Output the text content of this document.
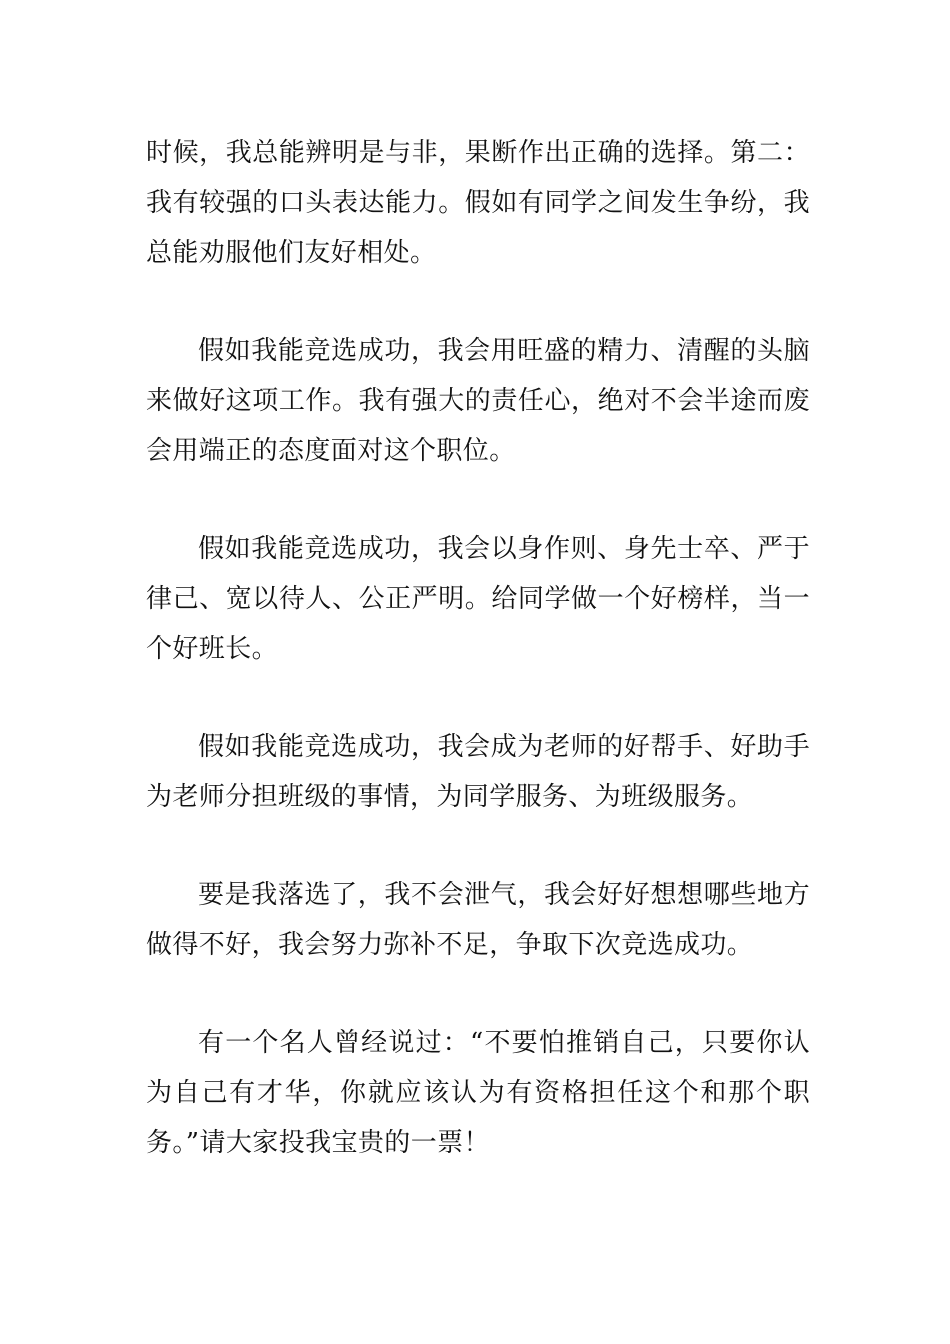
时候，我总能辨明是与非，果断作出正确的选择。第二：我有较强的口头表达能力。假如有同学之间发生争纷，我总能劝服他们友好相处。

假如我能竞选成功，我会用旺盛的精力、清醒的头脑来做好这项工作。我有强大的责任心，绝对不会半途而废会用端正的态度面对这个职位。

假如我能竞选成功，我会以身作则、身先士卒、严于律己、宽以待人、公正严明。给同学做一个好榜样，当一个好班长。

假如我能竞选成功，我会成为老师的好帮手、好助手为老师分担班级的事情，为同学服务、为班级服务。

要是我落选了，我不会泄气，我会好好想想哪些地方做得不好，我会努力弥补不足，争取下次竞选成功。

有一个名人曾经说过：“不要怕推销自己，只要你认为自己有才华，你就应该认为有资格担任这个和那个职务。”请大家投我宝贵的一票！
